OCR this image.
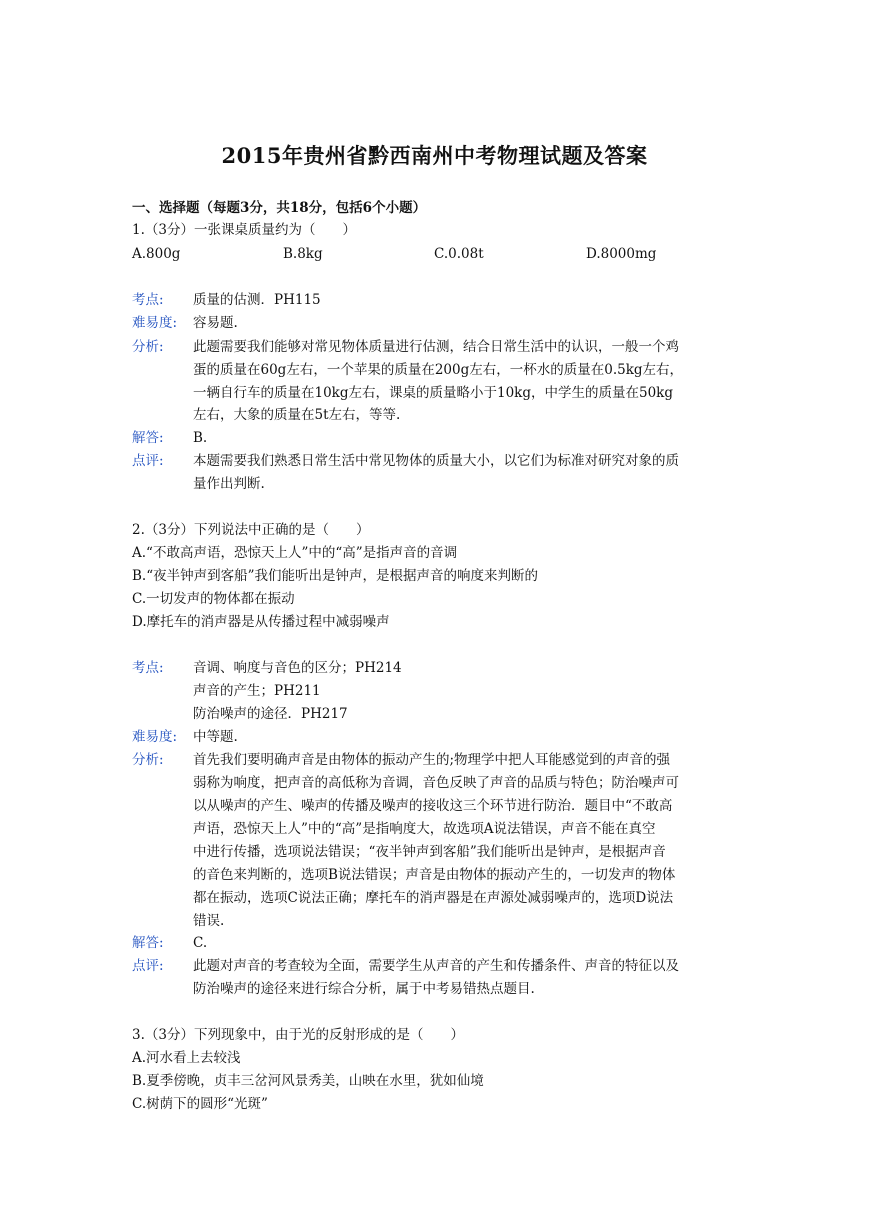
2015年贵州省黔西南州中考物理试题及答案
一、选择题（每题3分，共18分，包括6个小题）
1.（3分）一张课桌质量约为（　　）
A.800g	B.8kg	C.0.08t	D.8000mg
考点: 质量的估测．PH115
难易度: 容易题.
分析: 此题需要我们能够对常见物体质量进行估测，结合日常生活中的认识，一般一个鸡
蛋的质量在60g左右，一个苹果的质量在200g左右，一杯水的质量在0.5kg左右，
一辆自行车的质量在10kg左右，课桌的质量略小于10kg，中学生的质量在50kg
左右，大象的质量在5t左右，等等.
解答: B.
点评: 本题需要我们熟悉日常生活中常见物体的质量大小，以它们为标准对研究对象的质
量作出判断.
2.（3分）下列说法中正确的是（　　）
A.“不敢高声语，恐惊天上人”中的“高”是指声音的音调
B.“夜半钟声到客船”我们能听出是钟声，是根据声音的响度来判断的
C.一切发声的物体都在振动
D.摩托车的消声器是从传播过程中减弱噪声
考点: 音调、响度与音色的区分；PH214
声音的产生；PH211
防治噪声的途径．PH217
难易度: 中等题.
分析: 首先我们要明确声音是由物体的振动产生的;物理学中把人耳能感觉到的声音的强
弱称为响度，把声音的高低称为音调，音色反映了声音的品质与特色；防治噪声可
以从噪声的产生、噪声的传播及噪声的接收这三个环节进行防治．题目中“不敢高
声语，恐惊天上人”中的“高”是指响度大，故选项A说法错误，声音不能在真空
中进行传播，选项说法错误；“夜半钟声到客船”我们能听出是钟声，是根据声音
的音色来判断的，选项B说法错误；声音是由物体的振动产生的，一切发声的物体
都在振动，选项C说法正确；摩托车的消声器是在声源处减弱噪声的，选项D说法
错误.
解答: C.
点评: 此题对声音的考查较为全面，需要学生从声音的产生和传播条件、声音的特征以及
防治噪声的途径来进行综合分析，属于中考易错热点题目.
3.（3分）下列现象中，由于光的反射形成的是（　　）
A.河水看上去较浅
B.夏季傍晚，贞丰三岔河风景秀美，山映在水里，犹如仙境
C.树荫下的圆形“光斑”
